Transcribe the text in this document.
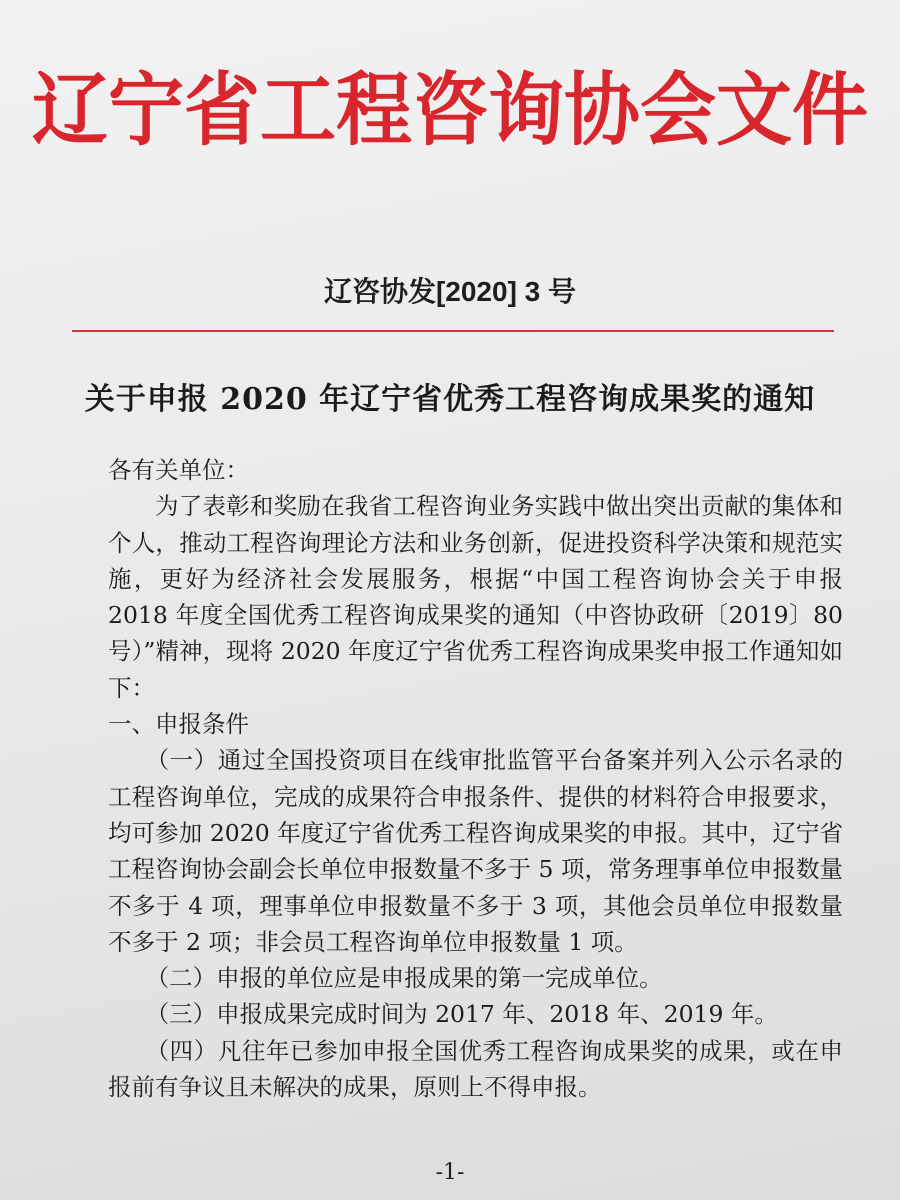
辽宁省工程咨询协会文件
辽咨协发[2020] 3 号
关于申报 2020 年辽宁省优秀工程咨询成果奖的通知

各有关单位：

为了表彰和奖励在我省工程咨询业务实践中做出突出贡献的集体和个人，推动工程咨询理论方法和业务创新，促进投资科学决策和规范实施，更好为经济社会发展服务，根据“中国工程咨询协会关于申报 2018 年度全国优秀工程咨询成果奖的通知（中咨协政研〔2019〕80 号）”精神，现将 2020 年度辽宁省优秀工程咨询成果奖申报工作通知如下：

一、申报条件

（一）通过全国投资项目在线审批监管平台备案并列入公示名录的工程咨询单位，完成的成果符合申报条件、提供的材料符合申报要求，均可参加 2020 年度辽宁省优秀工程咨询成果奖的申报。其中，辽宁省工程咨询协会副会长单位申报数量不多于 5 项，常务理事单位申报数量不多于 4 项，理事单位申报数量不多于 3 项，其他会员单位申报数量不多于 2 项；非会员工程咨询单位申报数量 1 项。

（二）申报的单位应是申报成果的第一完成单位。

（三）申报成果完成时间为 2017 年、2018 年、2019 年。

（四）凡往年已参加申报全国优秀工程咨询成果奖的成果，或在申报前有争议且未解决的成果，原则上不得申报。

-1-
